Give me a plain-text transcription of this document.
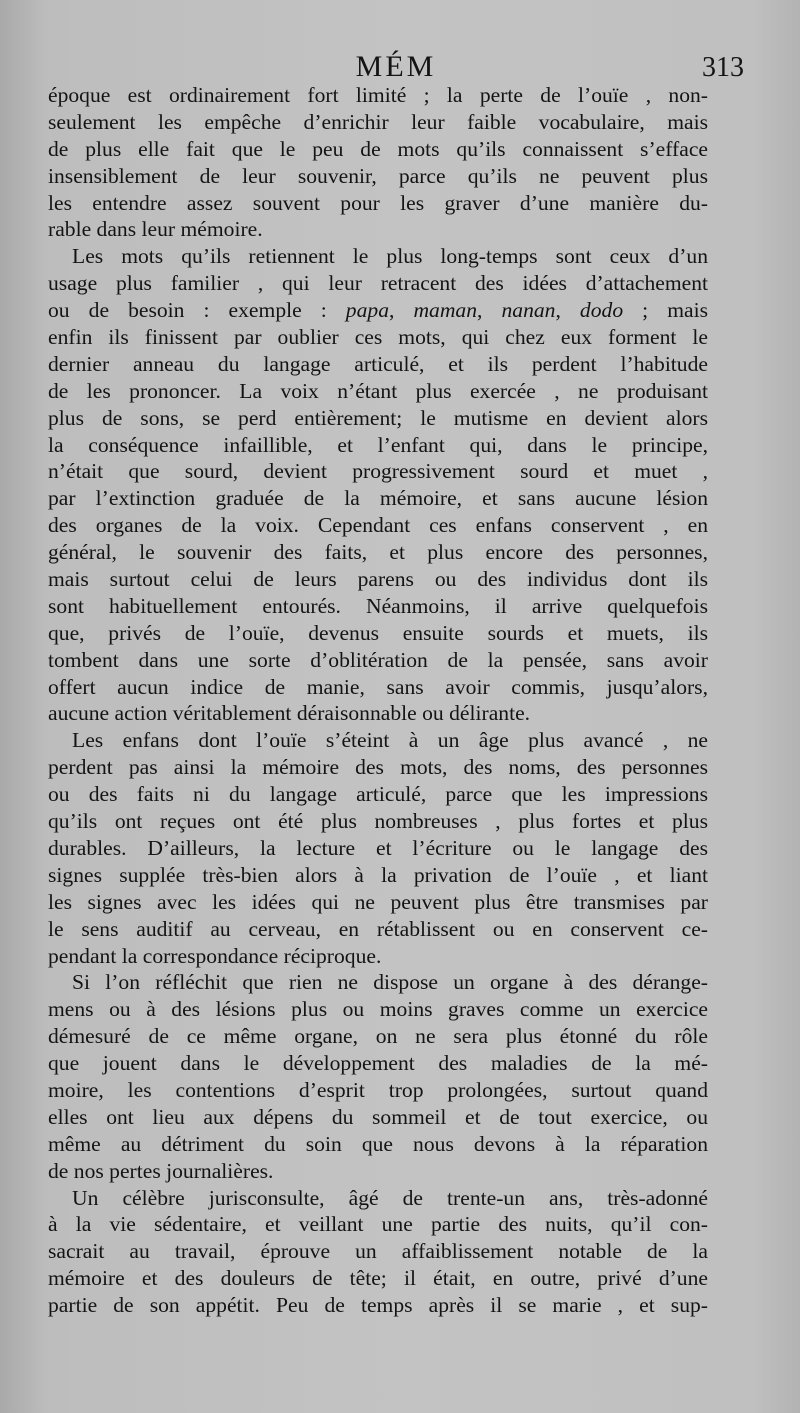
MÉM	313
époque est ordinairement fort limité ; la perte de l’ouïe , non-
seulement les empêche d’enrichir leur faible vocabulaire, mais
de plus elle fait que le peu de mots qu’ils connaissent s’efface
insensiblement de leur souvenir, parce qu’ils ne peuvent plus
les entendre assez souvent pour les graver d’une manière du-
rable dans leur mémoire.
Les mots qu’ils retiennent le plus long-temps sont ceux d’un
usage plus familier , qui leur retracent des idées d’attachement
ou de besoin : exemple : papa, maman, nanan, dodo ; mais
enfin ils finissent par oublier ces mots, qui chez eux forment le
dernier anneau du langage articulé, et ils perdent l’habitude
de les prononcer. La voix n’étant plus exercée , ne produisant
plus de sons, se perd entièrement; le mutisme en devient alors
la conséquence infaillible, et l’enfant qui, dans le principe,
n’était que sourd, devient progressivement sourd et muet ,
par l’extinction graduée de la mémoire, et sans aucune lésion
des organes de la voix. Cependant ces enfans conservent , en
général, le souvenir des faits, et plus encore des personnes,
mais surtout celui de leurs parens ou des individus dont ils
sont habituellement entourés. Néanmoins, il arrive quelquefois
que, privés de l’ouïe, devenus ensuite sourds et muets, ils
tombent dans une sorte d’oblitération de la pensée, sans avoir
offert aucun indice de manie, sans avoir commis, jusqu’alors,
aucune action véritablement déraisonnable ou délirante.
Les enfans dont l’ouïe s’éteint à un âge plus avancé , ne
perdent pas ainsi la mémoire des mots, des noms, des personnes
ou des faits ni du langage articulé, parce que les impressions
qu’ils ont reçues ont été plus nombreuses , plus fortes et plus
durables. D’ailleurs, la lecture et l’écriture ou le langage des
signes supplée très-bien alors à la privation de l’ouïe , et liant
les signes avec les idées qui ne peuvent plus être transmises par
le sens auditif au cerveau, en rétablissent ou en conservent ce-
pendant la correspondance réciproque.
Si l’on réfléchit que rien ne dispose un organe à des dérange-
mens ou à des lésions plus ou moins graves comme un exercice
démesuré de ce même organe, on ne sera plus étonné du rôle
que jouent dans le développement des maladies de la mé-
moire, les contentions d’esprit trop prolongées, surtout quand
elles ont lieu aux dépens du sommeil et de tout exercice, ou
même au détriment du soin que nous devons à la réparation
de nos pertes journalières.
Un célèbre jurisconsulte, âgé de trente-un ans, très-adonné
à la vie sédentaire, et veillant une partie des nuits, qu’il con-
sacrait au travail, éprouve un affaiblissement notable de la
mémoire et des douleurs de tête; il était, en outre, privé d’une
partie de son appétit. Peu de temps après il se marie , et sup-
